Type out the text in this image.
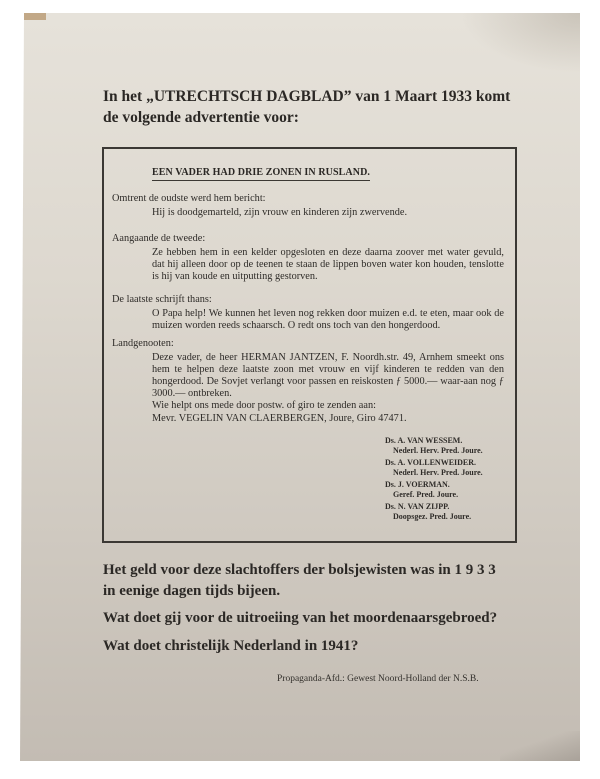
In het „UTRECHTSCH DAGBLAD” van 1 Maart 1933 komt
de volgende advertentie voor:

EEN VADER HAD DRIE ZONEN IN RUSLAND.
Omtrent de oudste werd hem bericht:
Hij is doodgemarteld, zijn vrouw en kinderen zijn zwervende.
Aangaande de tweede:
Ze hebben hem in een kelder opgesloten en deze daarna zoover met water gevuld, dat hij alleen door op de teenen te staan de lippen boven water kon houden, tenslotte is hij van koude en uitputting gestorven.
De laatste schrijft thans:
O Papa help! We kunnen het leven nog rekken door muizen e.d. te eten, maar ook de muizen worden reeds schaarsch. O redt ons toch van den hongerdood.
Landgenooten:
Deze vader, de heer HERMAN JANTZEN, F. Noordh.str. 49, Arnhem smeekt ons hem te helpen deze laatste zoon met vrouw en vijf kinderen te redden van den hongerdood. De Sovjet verlangt voor passen en reiskosten ƒ 5000.— waar-aan nog ƒ 3000.— ontbreken.
Wie helpt ons mede door postw. of giro te zenden aan:
Mevr. VEGELIN VAN CLAERBERGEN, Joure, Giro 47471.
Ds. A. VAN WESSEM.
Nederl. Herv. Pred. Joure.
Ds. A. VOLLENWEIDER.
Nederl. Herv. Pred. Joure.
Ds. J. VOERMAN.
Geref. Pred. Joure.
Ds. N. VAN ZIJPP.
Doopsgez. Pred. Joure.

Het geld voor deze slachtoffers der bolsjewisten was in 1 9 3 3
in eenige dagen tijds bijeen.

Wat doet gij voor de uitroeiing van het moordenaarsgebroed?

Wat doet christelijk Nederland in 1941?

Propaganda-Afd.: Gewest Noord-Holland der N.S.B.
